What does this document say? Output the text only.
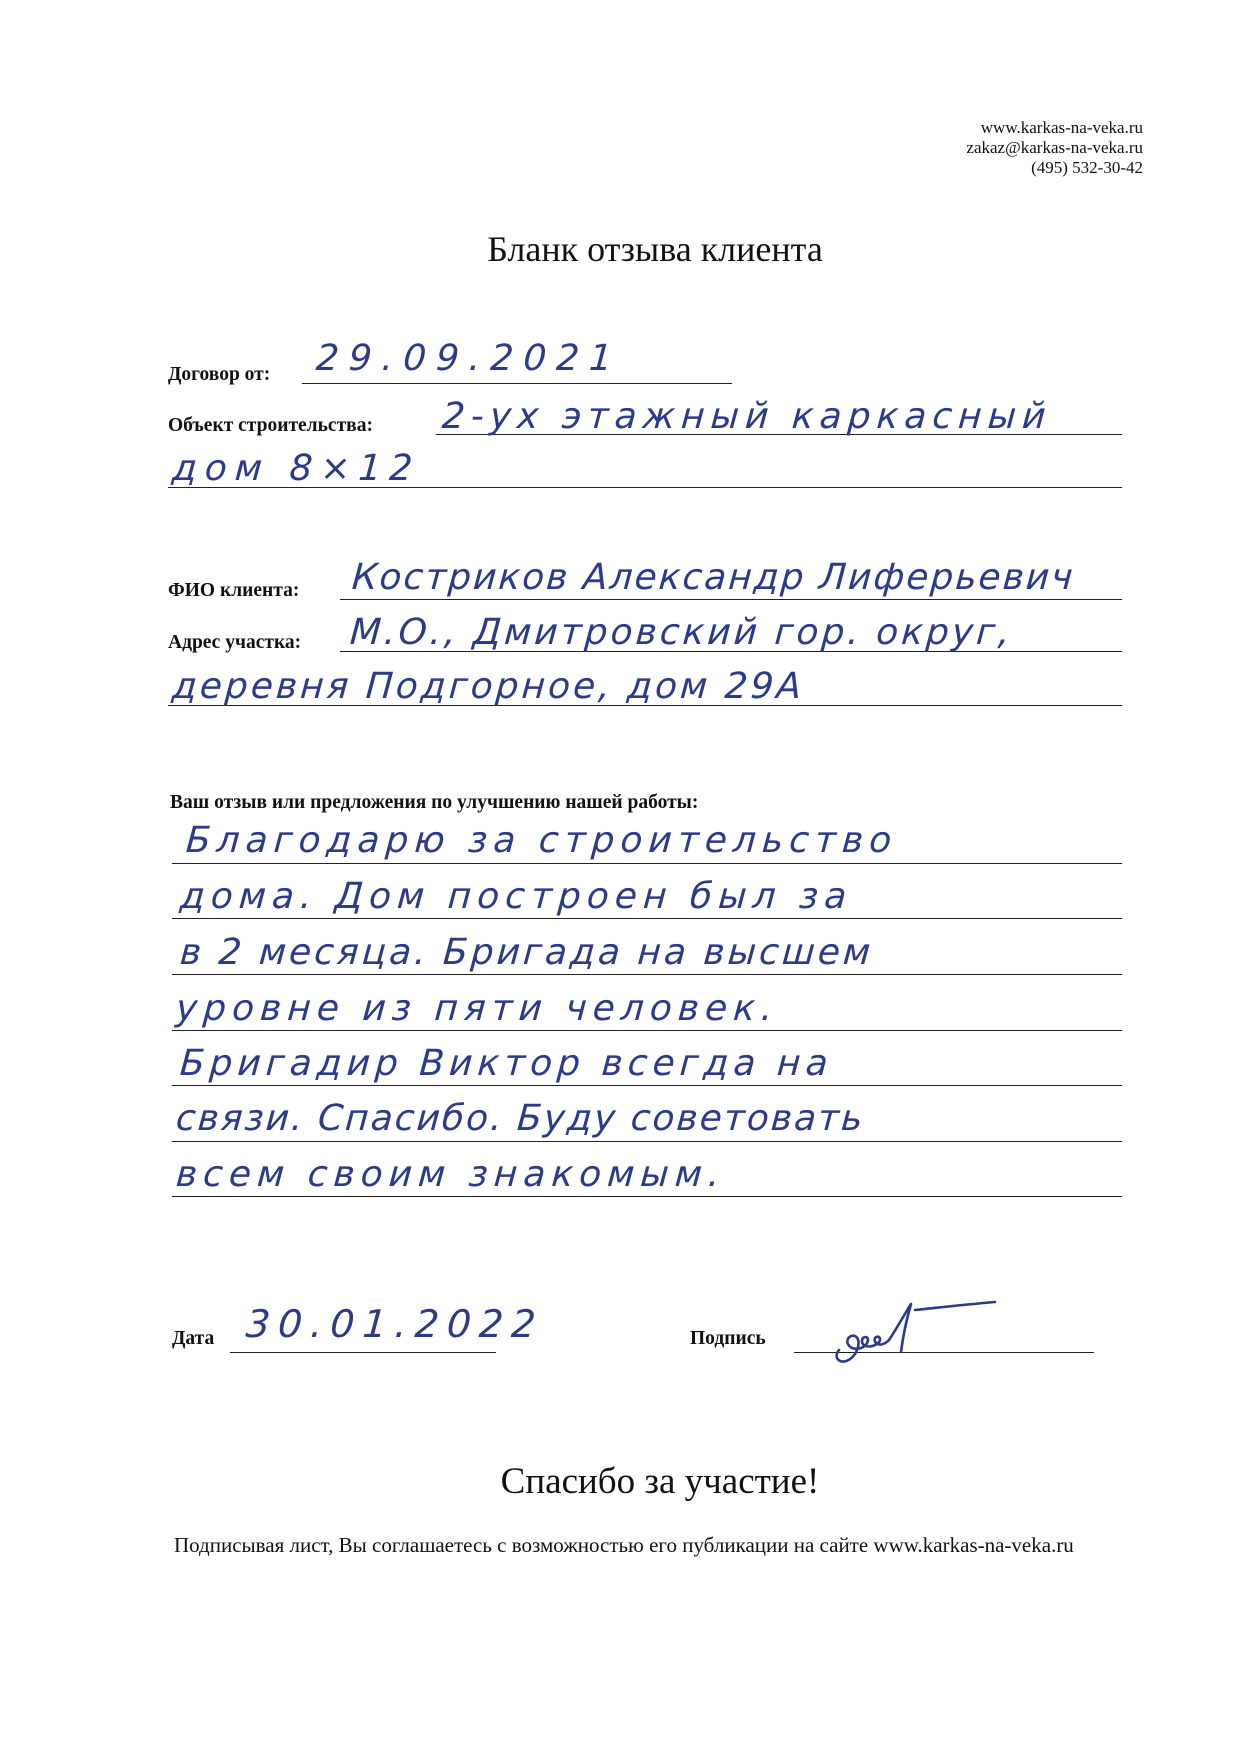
www.karkas-na-veka.ru
zakaz@karkas-na-veka.ru
(495) 532-30-42
Бланк отзыва клиента
Договор от: 29.09.2021
Объект строительства: 2-ух этажный каркасный
дом 8×12
ФИО клиента: Костриков Александр Лиферьевич
Адрес участка: М.О., Дмитровский гор. округ,
деревня Подгорное, дом 29А
Ваш отзыв или предложения по улучшению нашей работы:
Благодарю за строительство
дома. Дом построен был за
в 2 месяца. Бригада на высшем
уровне из пяти человек.
Бригадир Виктор всегда на
связи. Спасибо. Буду советовать
всем своим знакомым.
Дата 30.01.2022	Подпись
Спасибо за участие!
Подписывая лист, Вы соглашаетесь с возможностью его публикации на сайте www.karkas-na-veka.ru
